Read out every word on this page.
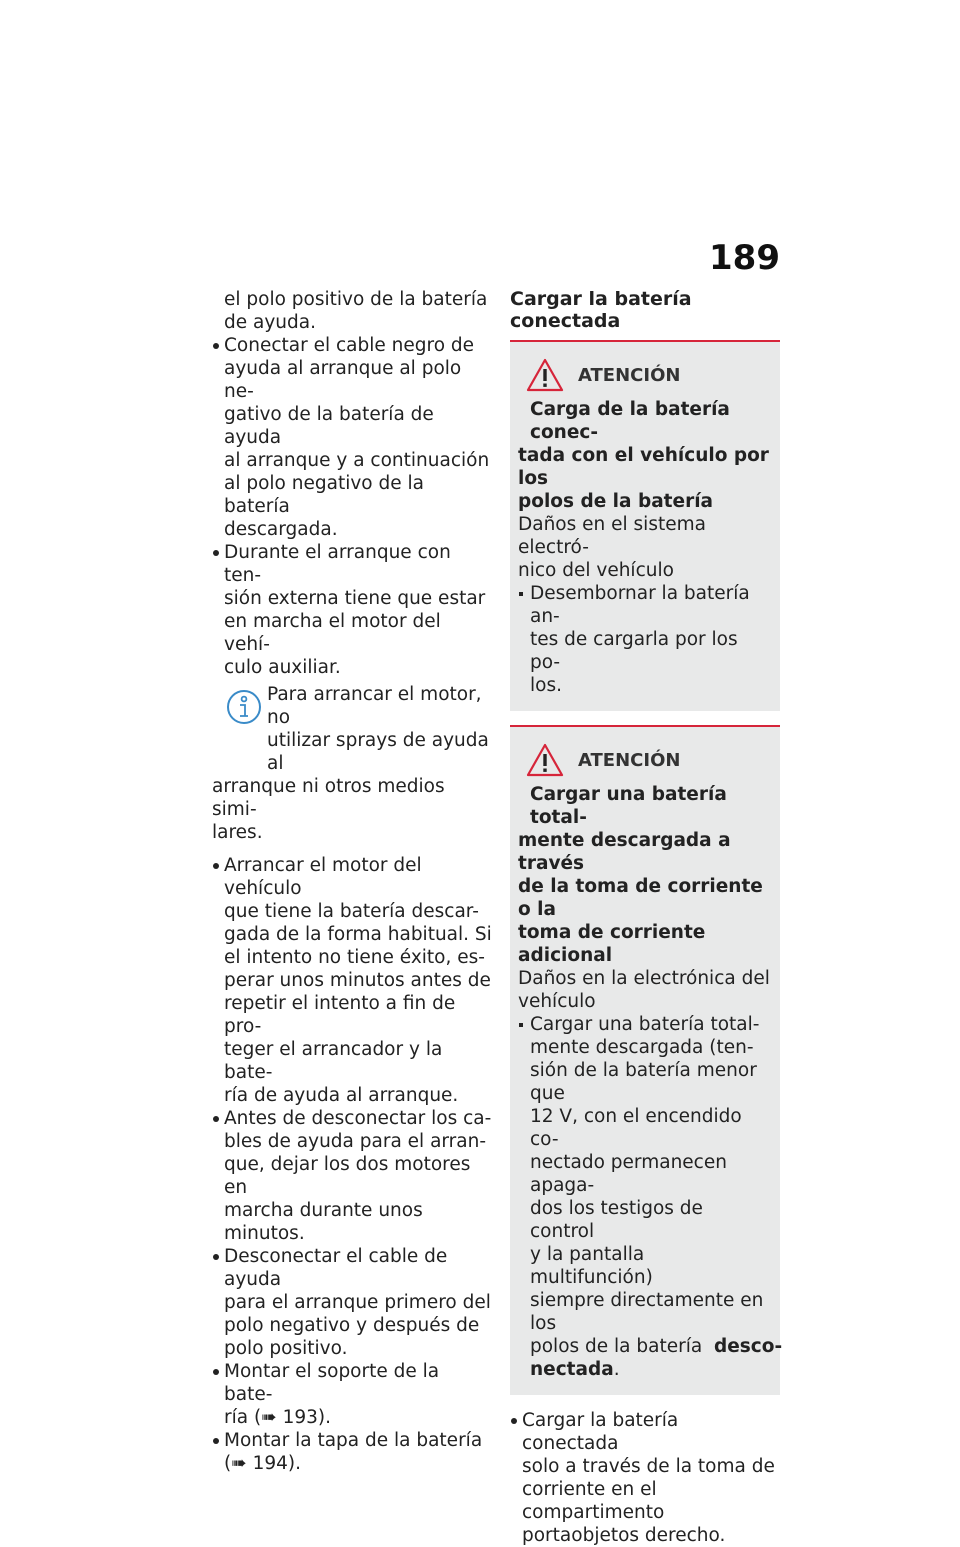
189
el polo positivo de la batería
de ayuda.
Conectar el cable negro de
ayuda al arranque al polo ne-
gativo de la batería de ayuda
al arranque y a continuación
al polo negativo de la batería
descargada.
Durante el arranque con ten-
sión externa tiene que estar
en marcha el motor del vehí-
culo auxiliar.
Para arrancar el motor, no
utilizar sprays de ayuda al
arranque ni otros medios simi-
lares.
Arrancar el motor del vehículo
que tiene la batería descar-
gada de la forma habitual. Si
el intento no tiene éxito, es-
perar unos minutos antes de
repetir el intento a fin de pro-
teger el arrancador y la bate-
ría de ayuda al arranque.
Antes de desconectar los ca-
bles de ayuda para el arran-
que, dejar los dos motores en
marcha durante unos minutos.
Desconectar el cable de ayuda
para el arranque primero del
polo negativo y después de
polo positivo.
Montar el soporte de la bate-
ría (➠ 193).
Montar la tapa de la batería
(➠ 194).
Cargar la batería conectada
ATENCIÓN
Carga de la batería conec-
tada con el vehículo por los
polos de la batería
Daños en el sistema electró-
nico del vehículo
Desembornar la batería an-
tes de cargarla por los po-
los.
ATENCIÓN
Cargar una batería total-
mente descargada a través
de la toma de corriente o la
toma de corriente adicional
Daños en la electrónica del
vehículo
Cargar una batería total-
mente descargada (ten-
sión de la batería menor que
12 V, con el encendido co-
nectado permanecen apaga-
dos los testigos de control
y la pantalla multifunción)
siempre directamente en los
polos de la batería  desco-
nectada.
Cargar la batería conectada
solo a través de la toma de
corriente en el compartimento
portaobjetos derecho.
